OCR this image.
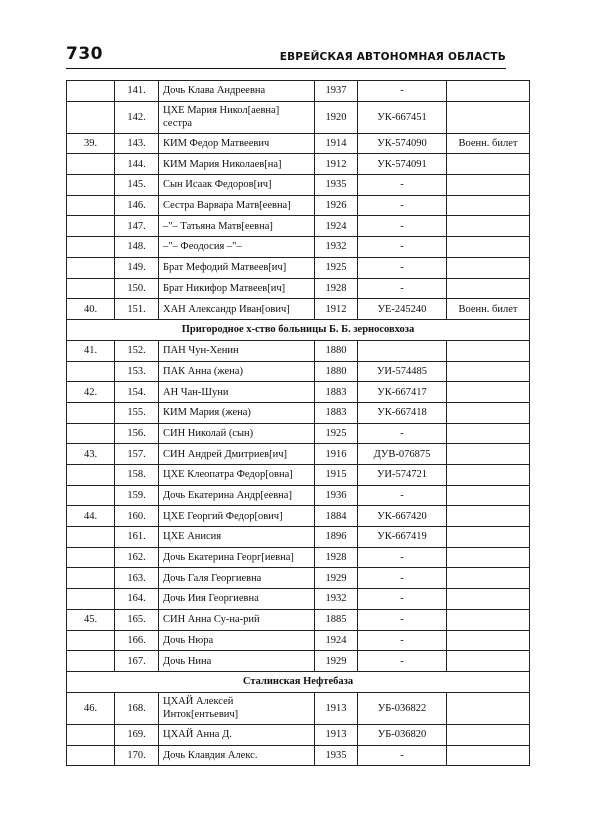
730	ЕВРЕЙСКАЯ АВТОНОМНАЯ ОБЛАСТЬ
	141.	Дочь Клава Андреевна	1937	-	
	142.	ЦХЕ Мария Никол[аевна] сестра	1920	УК-667451	
39.	143.	КИМ Федор Матвеевич	1914	УК-574090	Военн. билет
	144.	КИМ Мария Николаев[на]	1912	УК-574091	
	145.	Сын Исаак Федоров[ич]	1935	-	
	146.	Сестра Варвара Матв[еевна]	1926	-	
	147.	–"– Татьяна Матв[еевна]	1924	-	
	148.	–"– Феодосия –"–	1932	-	
	149.	Брат Мефодий Матвеев[ич]	1925	-	
	150.	Брат Никифор Матвеев[ич]	1928	-	
40.	151.	ХАН Александр Иван[ович]	1912	УЕ-245240	Военн. билет
Пригородное х-ство больницы Б. Б. зерносовхоза					
41.	152.	ПАН Чун-Хенин	1880		
	153.	ПАК Анна (жена)	1880	УИ-574485	
42.	154.	АН Чан-Шуни	1883	УК-667417	
	155.	КИМ Мария (жена)	1883	УК-667418	
	156.	СИН Николай (сын)	1925	-	
43.	157.	СИН Андрей Дмитриев[ич]	1916	ДУВ-076875	
	158.	ЦХЕ Клеопатра Федор[овна]	1915	УИ-574721	
	159.	Дочь Екатерина Андр[еевна]	1936	-	
44.	160.	ЦХЕ Георгий Федор[ович]	1884	УК-667420	
	161.	ЦХЕ Анисия	1896	УК-667419	
	162.	Дочь Екатерина Георг[иевна]	1928	-	
	163.	Дочь Галя Георгиевна	1929	-	
	164.	Дочь Иия Георгиевна	1932	-	
45.	165.	СИН Анна Су-на-рий	1885	-	
	166.	Дочь Нюра	1924	-	
	167.	Дочь Нина	1929	-	
Сталинская Нефтебаза					
46.	168.	ЦХАЙ Алексей Инток[ентьевич]	1913	УБ-036822	
	169.	ЦХАЙ Анна Д.	1913	УБ-036820	
	170.	Дочь Клавдия Алекс.	1935	-	
